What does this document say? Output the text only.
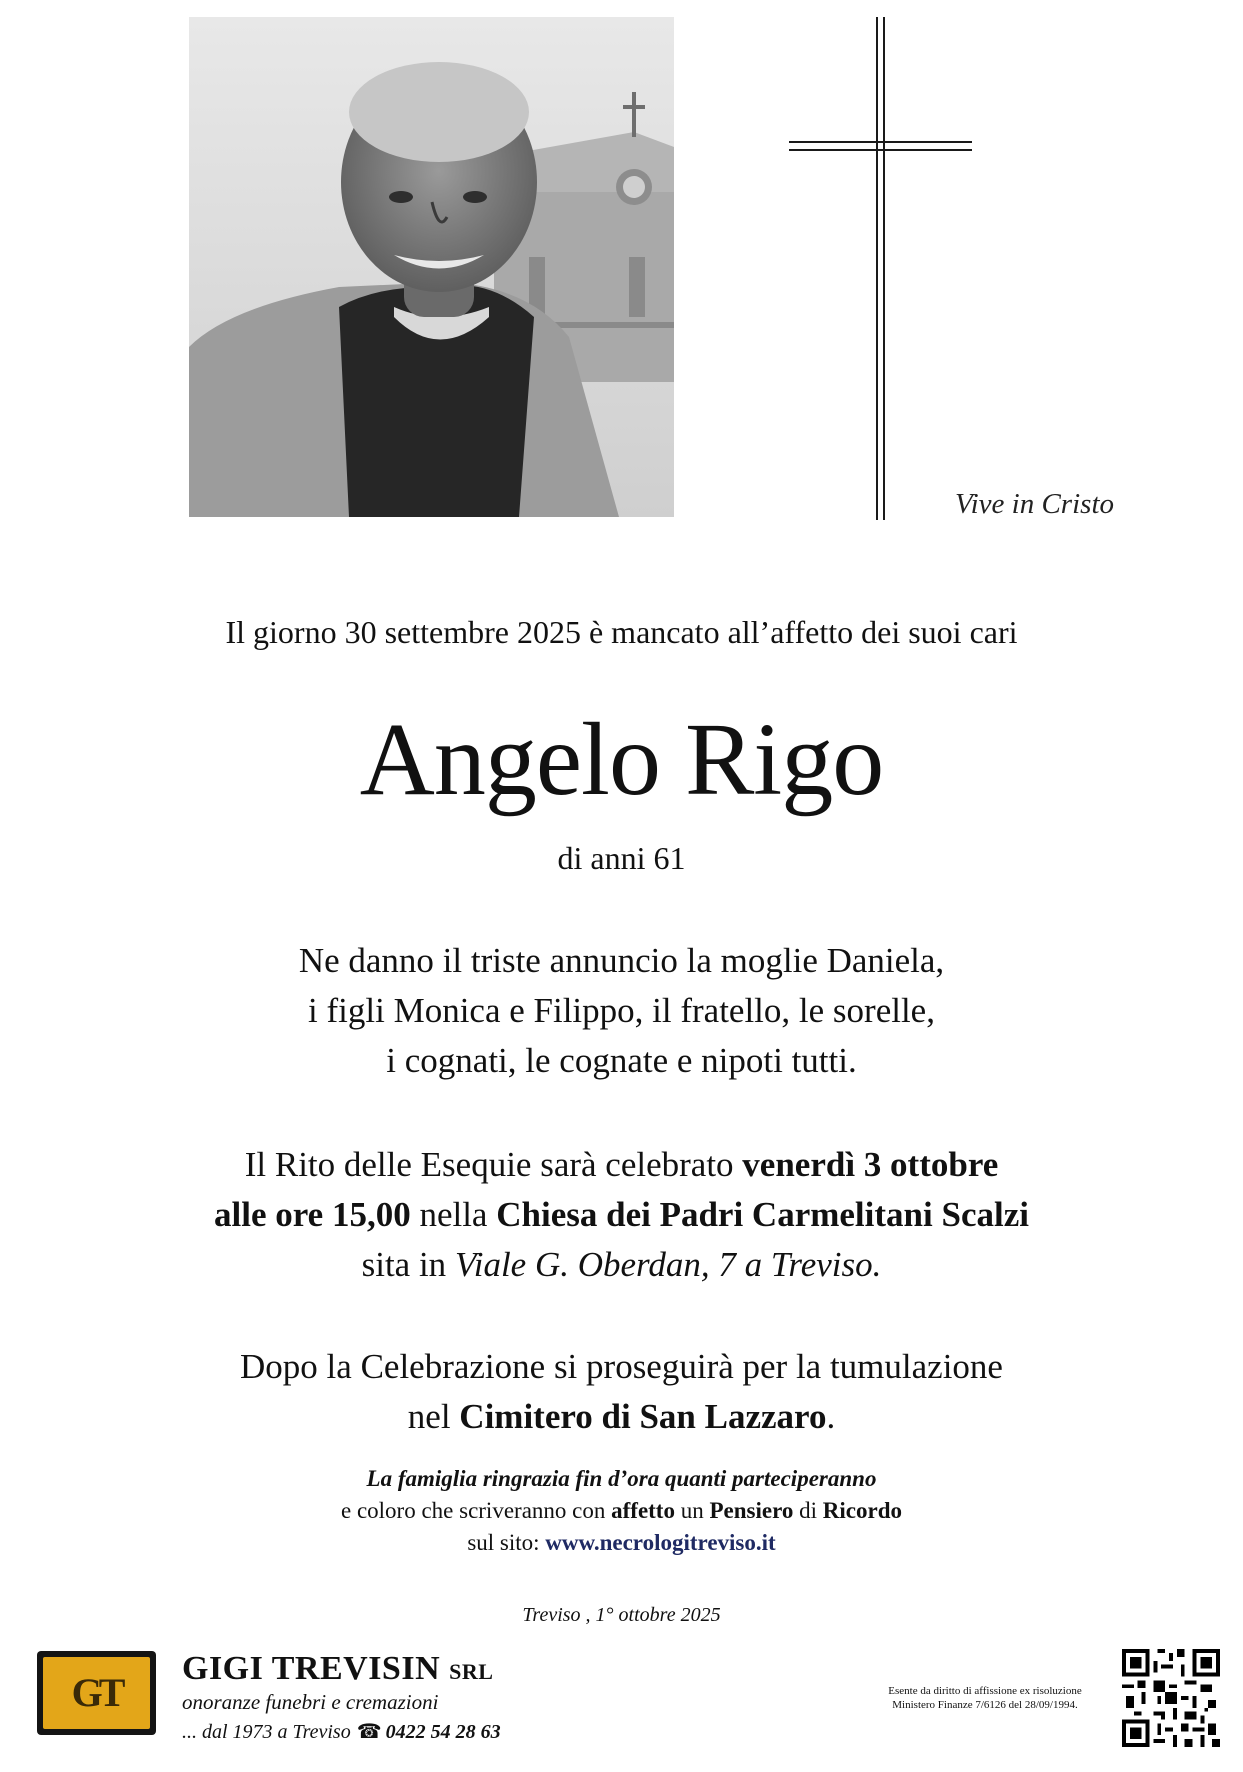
Vive in Cristo
Il giorno 30 settembre 2025 è mancato all’affetto dei suoi cari
Angelo Rigo
di anni 61
Ne danno il triste annuncio la moglie Daniela,
i figli Monica e Filippo, il fratello, le sorelle,
i cognati, le cognate e nipoti tutti.
Il Rito delle Esequie sarà celebrato venerdì 3 ottobre
alle ore 15,00 nella Chiesa dei Padri Carmelitani Scalzi
sita in Viale G. Oberdan, 7 a Treviso.
Dopo la Celebrazione si proseguirà per la tumulazione
nel Cimitero di San Lazzaro.
La famiglia ringrazia fin d’ora quanti parteciperanno
e coloro che scriveranno con affetto un Pensiero di Ricordo
sul sito: www.necrologitreviso.it
Treviso , 1° ottobre 2025
GT
GIGI TREVISIN SRL
onoranze funebri e cremazioni
... dal 1973 a Treviso ☎ 0422 54 28 63
Esente da diritto di affissione ex risoluzione
Ministero Finanze 7/6126 del 28/09/1994.
